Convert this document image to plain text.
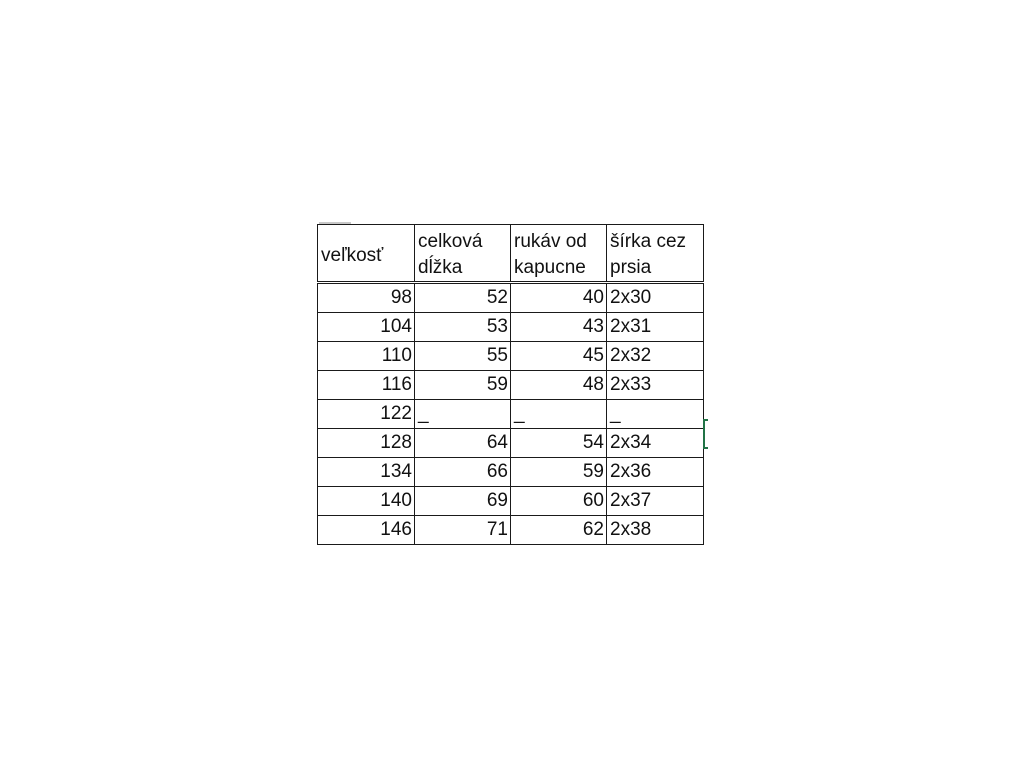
veľkosť	celková dĺžka	rukáv od kapucne	šírka cez prsia
98	52	40	2x30
104	53	43	2x31
110	55	45	2x32
116	59	48	2x33
122	_	_	_
128	64	54	2x34
134	66	59	2x36
140	69	60	2x37
146	71	62	2x38
